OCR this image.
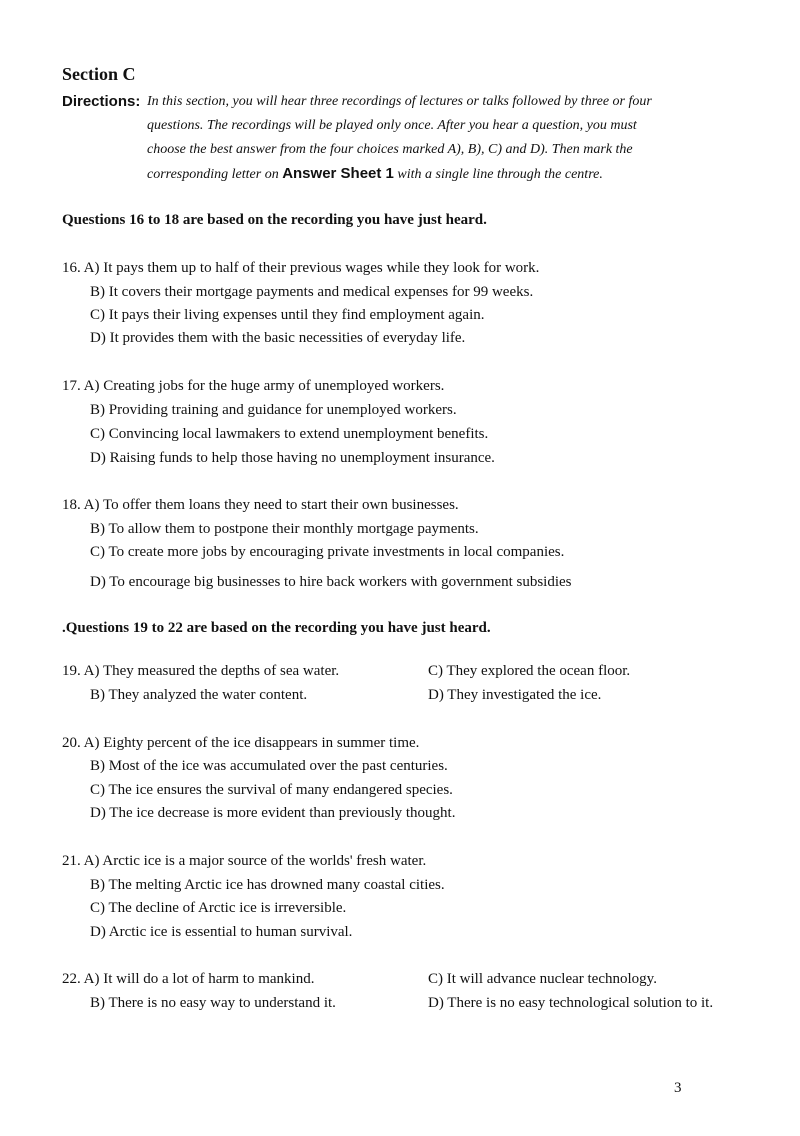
Section C
Directions: In this section, you will hear three recordings of lectures or talks followed by three or four
questions. The recordings will be played only once. After you hear a question, you must
choose the best answer from the four choices marked A), B), C) and D). Then mark the
corresponding letter on Answer Sheet 1 with a single line through the centre.
Questions 16 to 18 are based on the recording you have just heard.
16. A) It pays them up to half of their previous wages while they look for work.
B) It covers their mortgage payments and medical expenses for 99 weeks.
C) It pays their living expenses until they find employment again.
D) It provides them with the basic necessities of everyday life.
17. A) Creating jobs for the huge army of unemployed workers.
B) Providing training and guidance for unemployed workers.
C) Convincing local lawmakers to extend unemployment benefits.
D) Raising funds to help those having no unemployment insurance.
18. A) To offer them loans they need to start their own businesses.
B) To allow them to postpone their monthly mortgage payments.
C) To create more jobs by encouraging private investments in local companies.
D) To encourage big businesses to hire back workers with government subsidies
.Questions 19 to 22 are based on the recording you have just heard.
19. A) They measured the depths of sea water.
B) They analyzed the water content.
C) They explored the ocean floor.
D) They investigated the ice.
20. A) Eighty percent of the ice disappears in summer time.
B) Most of the ice was accumulated over the past centuries.
C) The ice ensures the survival of many endangered species.
D) The ice decrease is more evident than previously thought.
21. A) Arctic ice is a major source of the worlds' fresh water.
B) The melting Arctic ice has drowned many coastal cities.
C) The decline of Arctic ice is irreversible.
D) Arctic ice is essential to human survival.
22. A) It will do a lot of harm to mankind.
B) There is no easy way to understand it.
C) It will advance nuclear technology.
D) There is no easy technological solution to it.
3
